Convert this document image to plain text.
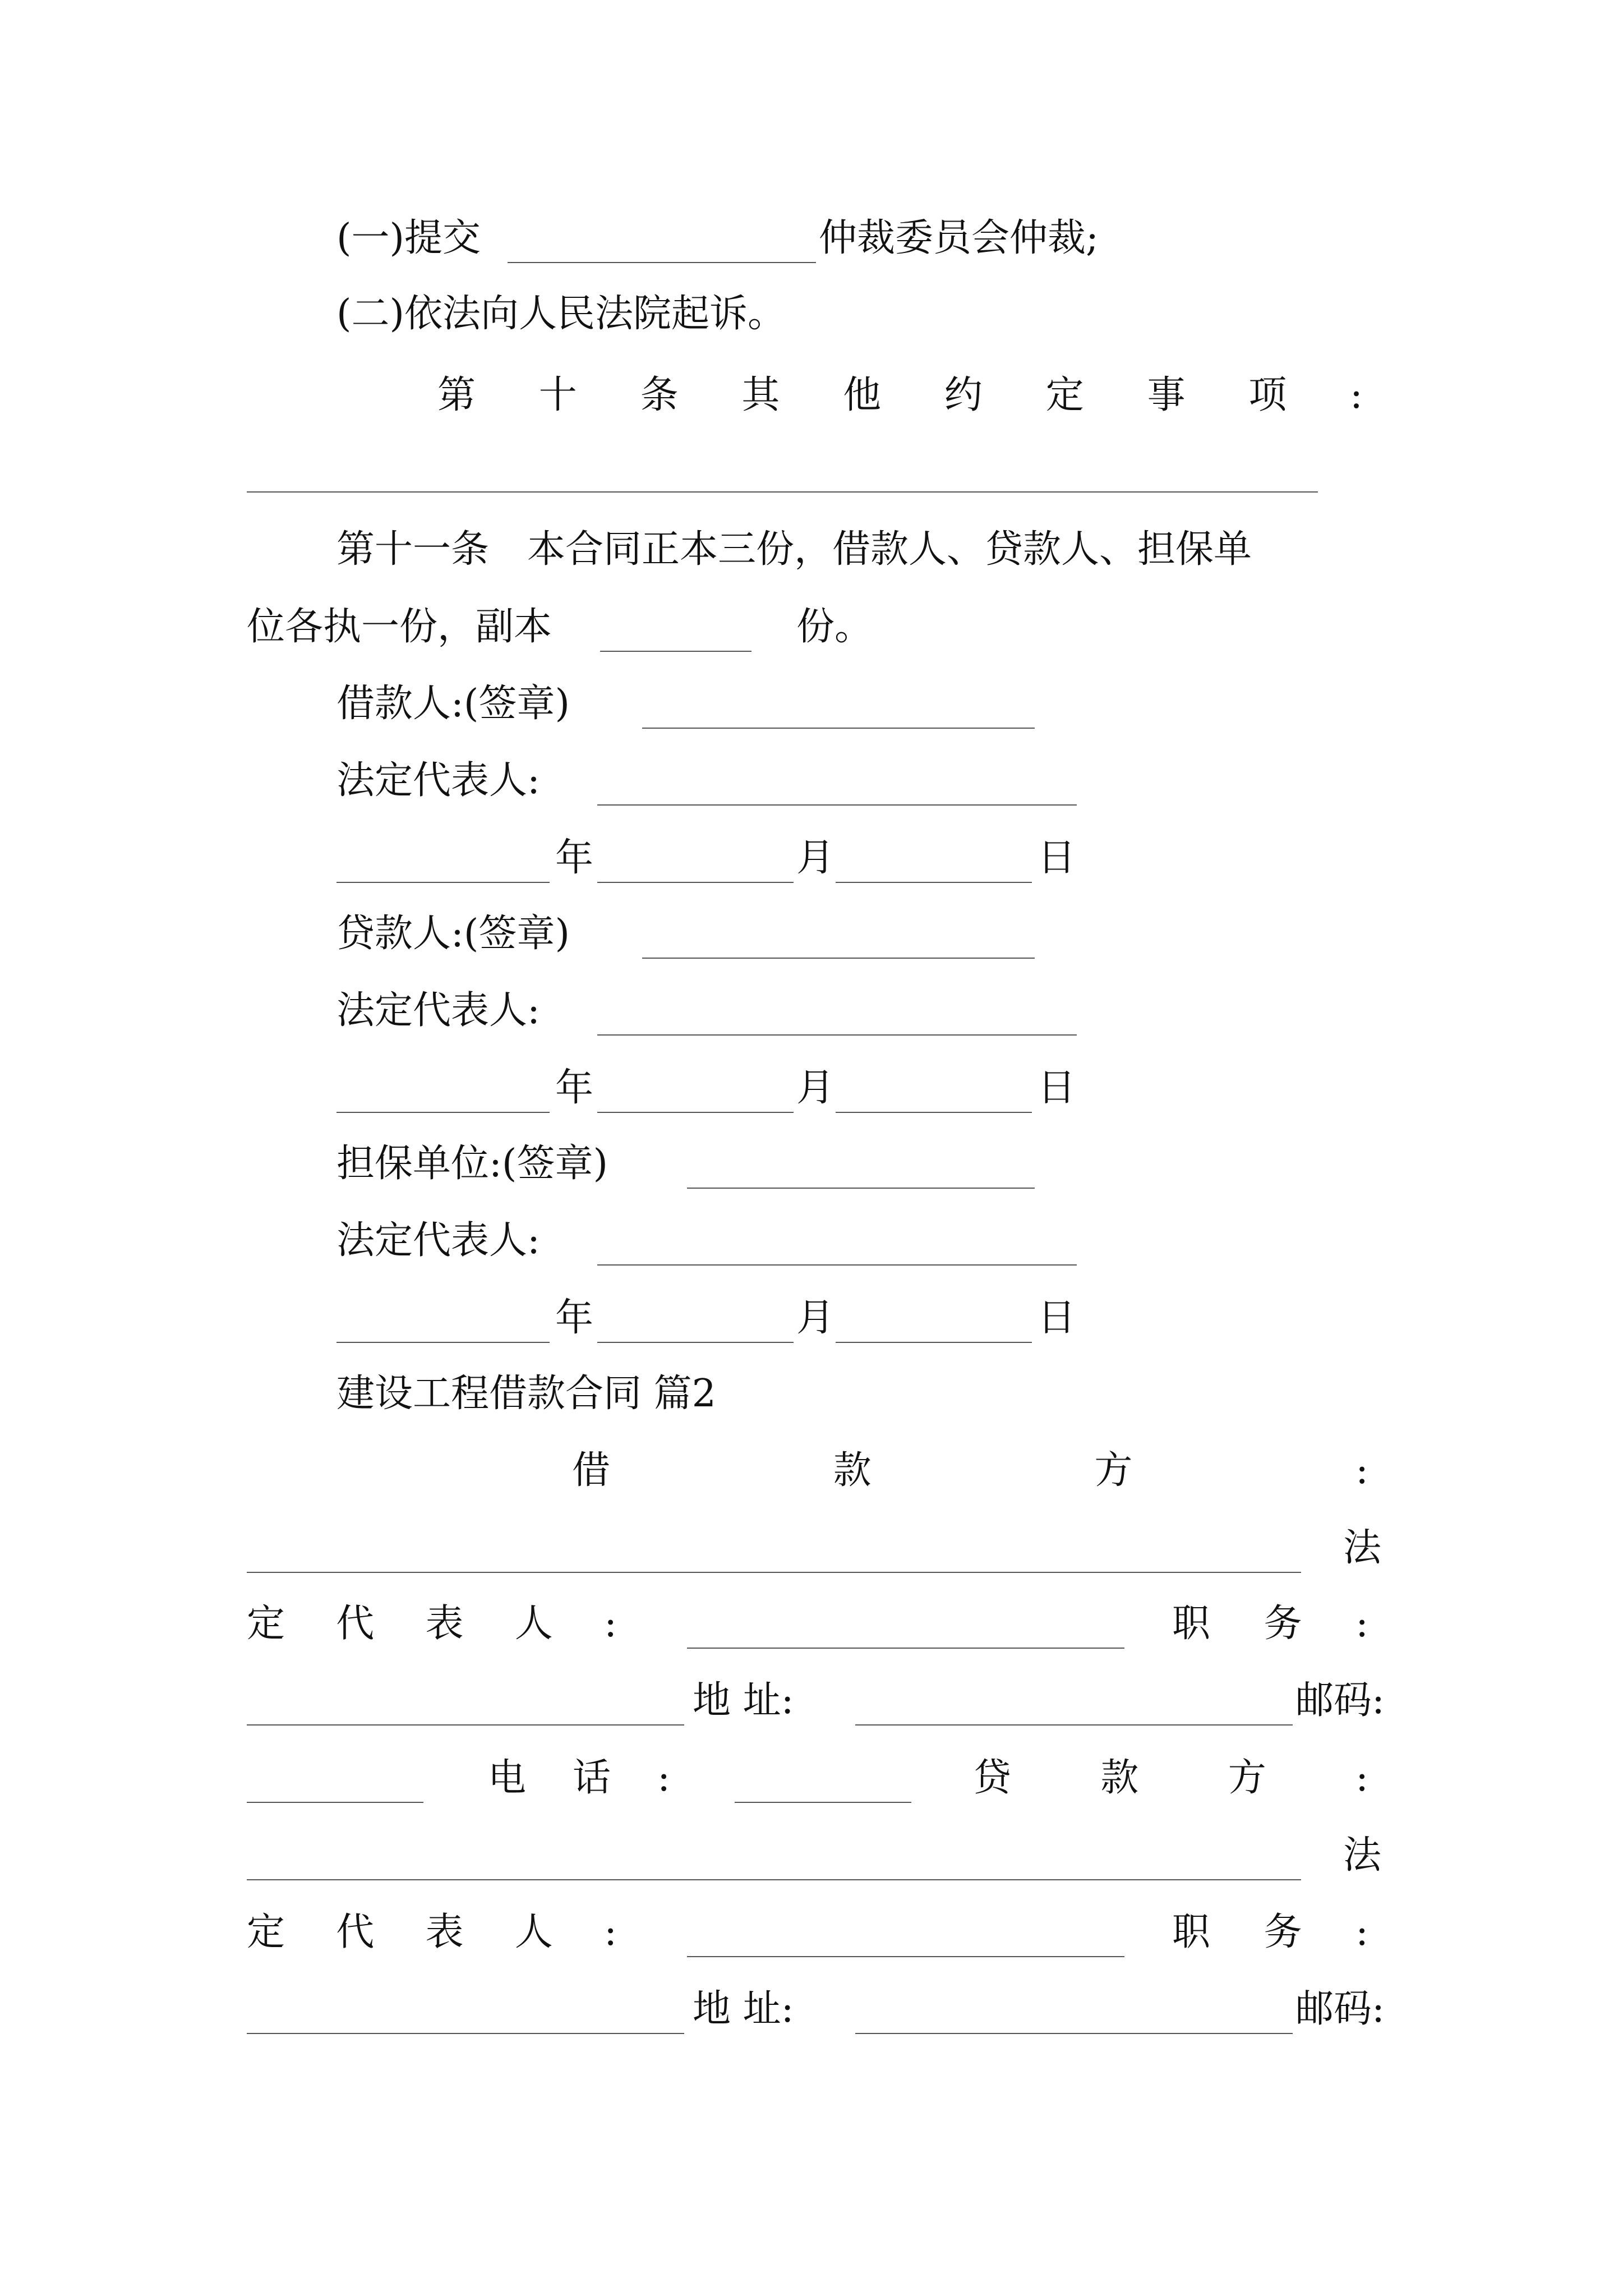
(一)提交	仲裁委员会仲裁;
(二)依法向人民法院起诉。
第 十 条 其 他 约 定 事 项 :
第十一条　本合同正本三份，借款人、贷款人、担保单
位各执一份，副本	份。
借款人:(签章)
法定代表人:
年	月	日
贷款人:(签章)
法定代表人:
年	月	日
担保单位:(签章)
法定代表人:
年	月	日
建设工程借款合同 篇2
借	款	方	:
法
定 代 表 人 :	职 务 :
地 址:	邮码:
电 话 :	贷 款 方 :
法
定 代 表 人 :	职 务 :
地 址:	邮码:
